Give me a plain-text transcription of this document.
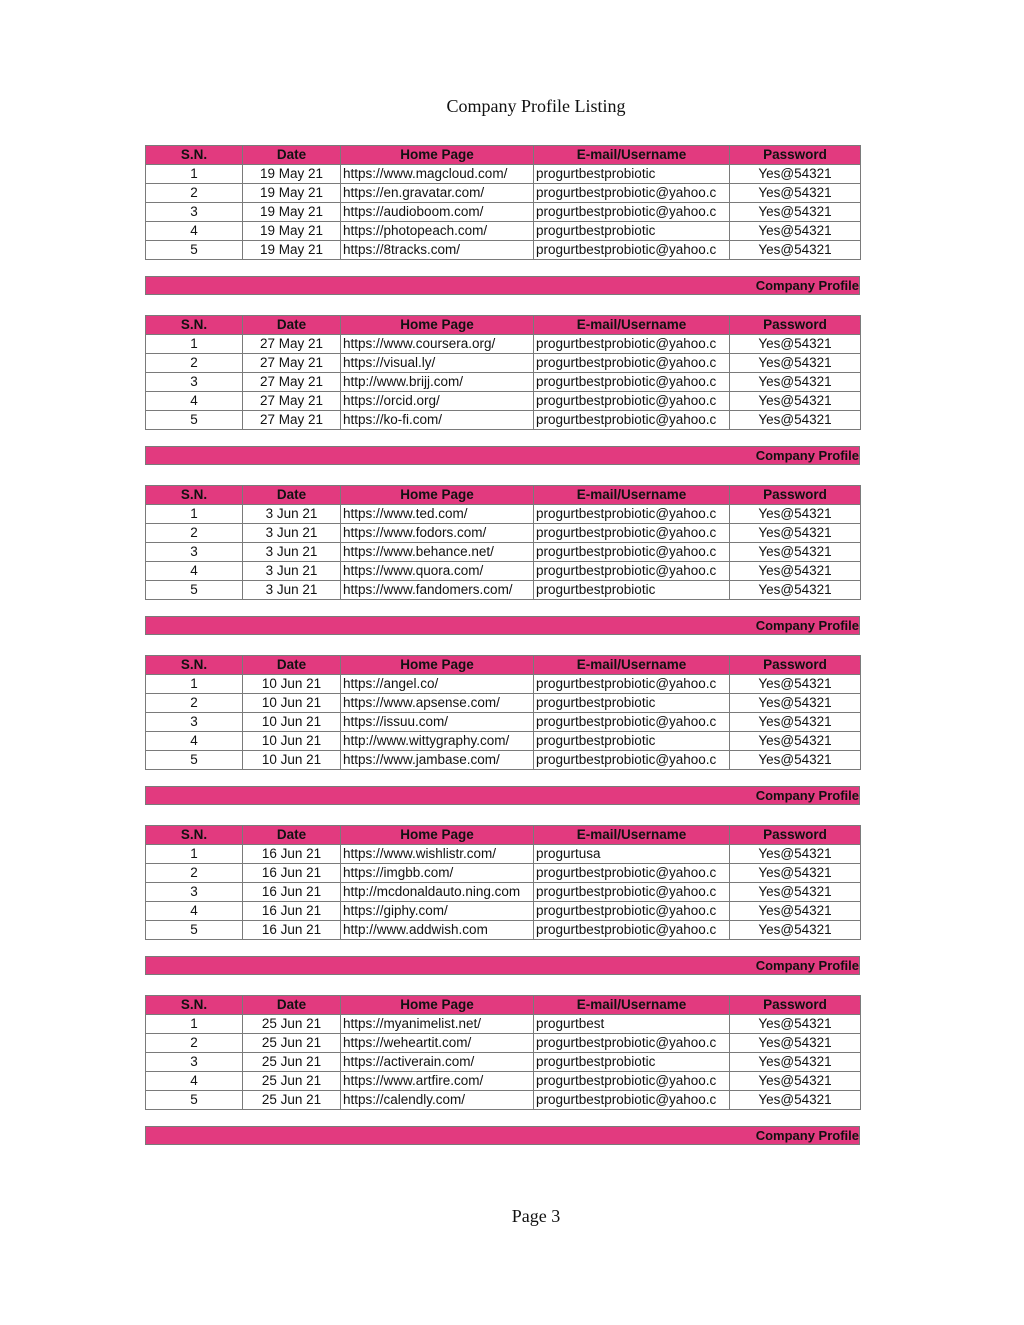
Company Profile Listing
S.N.	Date	Home Page	E-mail/Username	Password
1	19 May 21	https://www.magcloud.com/	progurtbestprobiotic	Yes@54321
2	19 May 21	https://en.gravatar.com/	progurtbestprobiotic@yahoo.c	Yes@54321
3	19 May 21	https://audioboom.com/	progurtbestprobiotic@yahoo.c	Yes@54321
4	19 May 21	https://photopeach.com/	progurtbestprobiotic	Yes@54321
5	19 May 21	https://8tracks.com/	progurtbestprobiotic@yahoo.c	Yes@54321
Company Profile
S.N.	Date	Home Page	E-mail/Username	Password
1	27 May 21	https://www.coursera.org/	progurtbestprobiotic@yahoo.c	Yes@54321
2	27 May 21	https://visual.ly/	progurtbestprobiotic@yahoo.c	Yes@54321
3	27 May 21	http://www.brijj.com/	progurtbestprobiotic@yahoo.c	Yes@54321
4	27 May 21	https://orcid.org/	progurtbestprobiotic@yahoo.c	Yes@54321
5	27 May 21	https://ko-fi.com/	progurtbestprobiotic@yahoo.c	Yes@54321
Company Profile
S.N.	Date	Home Page	E-mail/Username	Password
1	3 Jun 21	https://www.ted.com/	progurtbestprobiotic@yahoo.c	Yes@54321
2	3 Jun 21	https://www.fodors.com/	progurtbestprobiotic@yahoo.c	Yes@54321
3	3 Jun 21	https://www.behance.net/	progurtbestprobiotic@yahoo.c	Yes@54321
4	3 Jun 21	https://www.quora.com/	progurtbestprobiotic@yahoo.c	Yes@54321
5	3 Jun 21	https://www.fandomers.com/	progurtbestprobiotic	Yes@54321
Company Profile
S.N.	Date	Home Page	E-mail/Username	Password
1	10 Jun 21	https://angel.co/	progurtbestprobiotic@yahoo.c	Yes@54321
2	10 Jun 21	https://www.apsense.com/	progurtbestprobiotic	Yes@54321
3	10 Jun 21	https://issuu.com/	progurtbestprobiotic@yahoo.c	Yes@54321
4	10 Jun 21	http://www.wittygraphy.com/	progurtbestprobiotic	Yes@54321
5	10 Jun 21	https://www.jambase.com/	progurtbestprobiotic@yahoo.c	Yes@54321
Company Profile
S.N.	Date	Home Page	E-mail/Username	Password
1	16 Jun 21	https://www.wishlistr.com/	progurtusa	Yes@54321
2	16 Jun 21	https://imgbb.com/	progurtbestprobiotic@yahoo.c	Yes@54321
3	16 Jun 21	http://mcdonaldauto.ning.com	progurtbestprobiotic@yahoo.c	Yes@54321
4	16 Jun 21	https://giphy.com/	progurtbestprobiotic@yahoo.c	Yes@54321
5	16 Jun 21	http://www.addwish.com	progurtbestprobiotic@yahoo.c	Yes@54321
Company Profile
S.N.	Date	Home Page	E-mail/Username	Password
1	25 Jun 21	https://myanimelist.net/	progurtbest	Yes@54321
2	25 Jun 21	https://weheartit.com/	progurtbestprobiotic@yahoo.c	Yes@54321
3	25 Jun 21	https://activerain.com/	progurtbestprobiotic	Yes@54321
4	25 Jun 21	https://www.artfire.com/	progurtbestprobiotic@yahoo.c	Yes@54321
5	25 Jun 21	https://calendly.com/	progurtbestprobiotic@yahoo.c	Yes@54321
Company Profile
Page 3
